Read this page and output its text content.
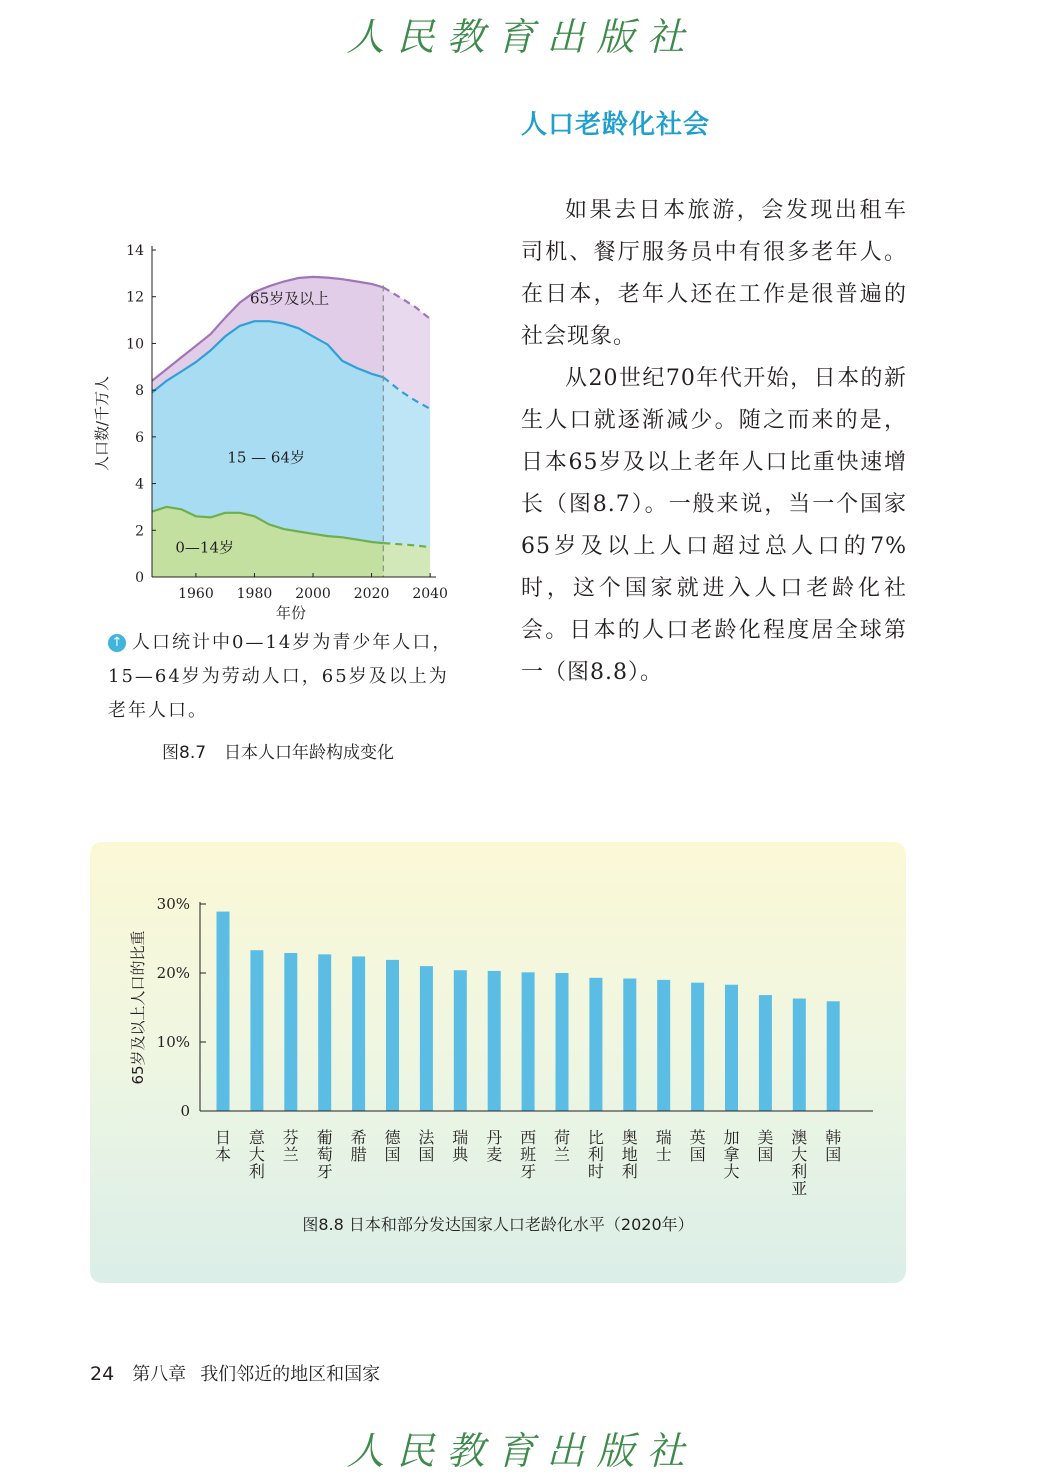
人民教育出版社
人口老龄化社会

如果去日本旅游，会发现出租车司机、餐厅服务员中有很多老年人。在日本，老年人还在工作是很普遍的社会现象。

从20世纪70年代开始，日本的新生人口就逐渐减少。随之而来的是，日本65岁及以上老年人口比重快速增长（图8.7）。一般来说，当一个国家65岁及以上人口超过总人口的7%时，这个国家就进入人口老龄化社会。日本的人口老龄化程度居全球第一（图8.8）。

0
2
4
6
8
10
12
14
1960 1980 2000 2020 2040
年份
人口数/千万人
65岁及以上
15 — 64岁
0—14岁
↑ 人口统计中0—14岁为青少年人口，15—64岁为劳动人口，65岁及以上为老年人口。
图8.7 日本人口年龄构成变化
0
10%
20%
30%
日本
意大利
芬兰
葡萄牙
希腊
德国
法国
瑞典
丹麦
西班牙
荷兰
比利时
奥地利
瑞士
英国
加拿大
美国
澳大利亚
韩国
65岁及以上人口的比重
图8.8 日本和部分发达国家人口老龄化水平（2020年）
24 第八章 我们邻近的地区和国家
人民教育出版社
